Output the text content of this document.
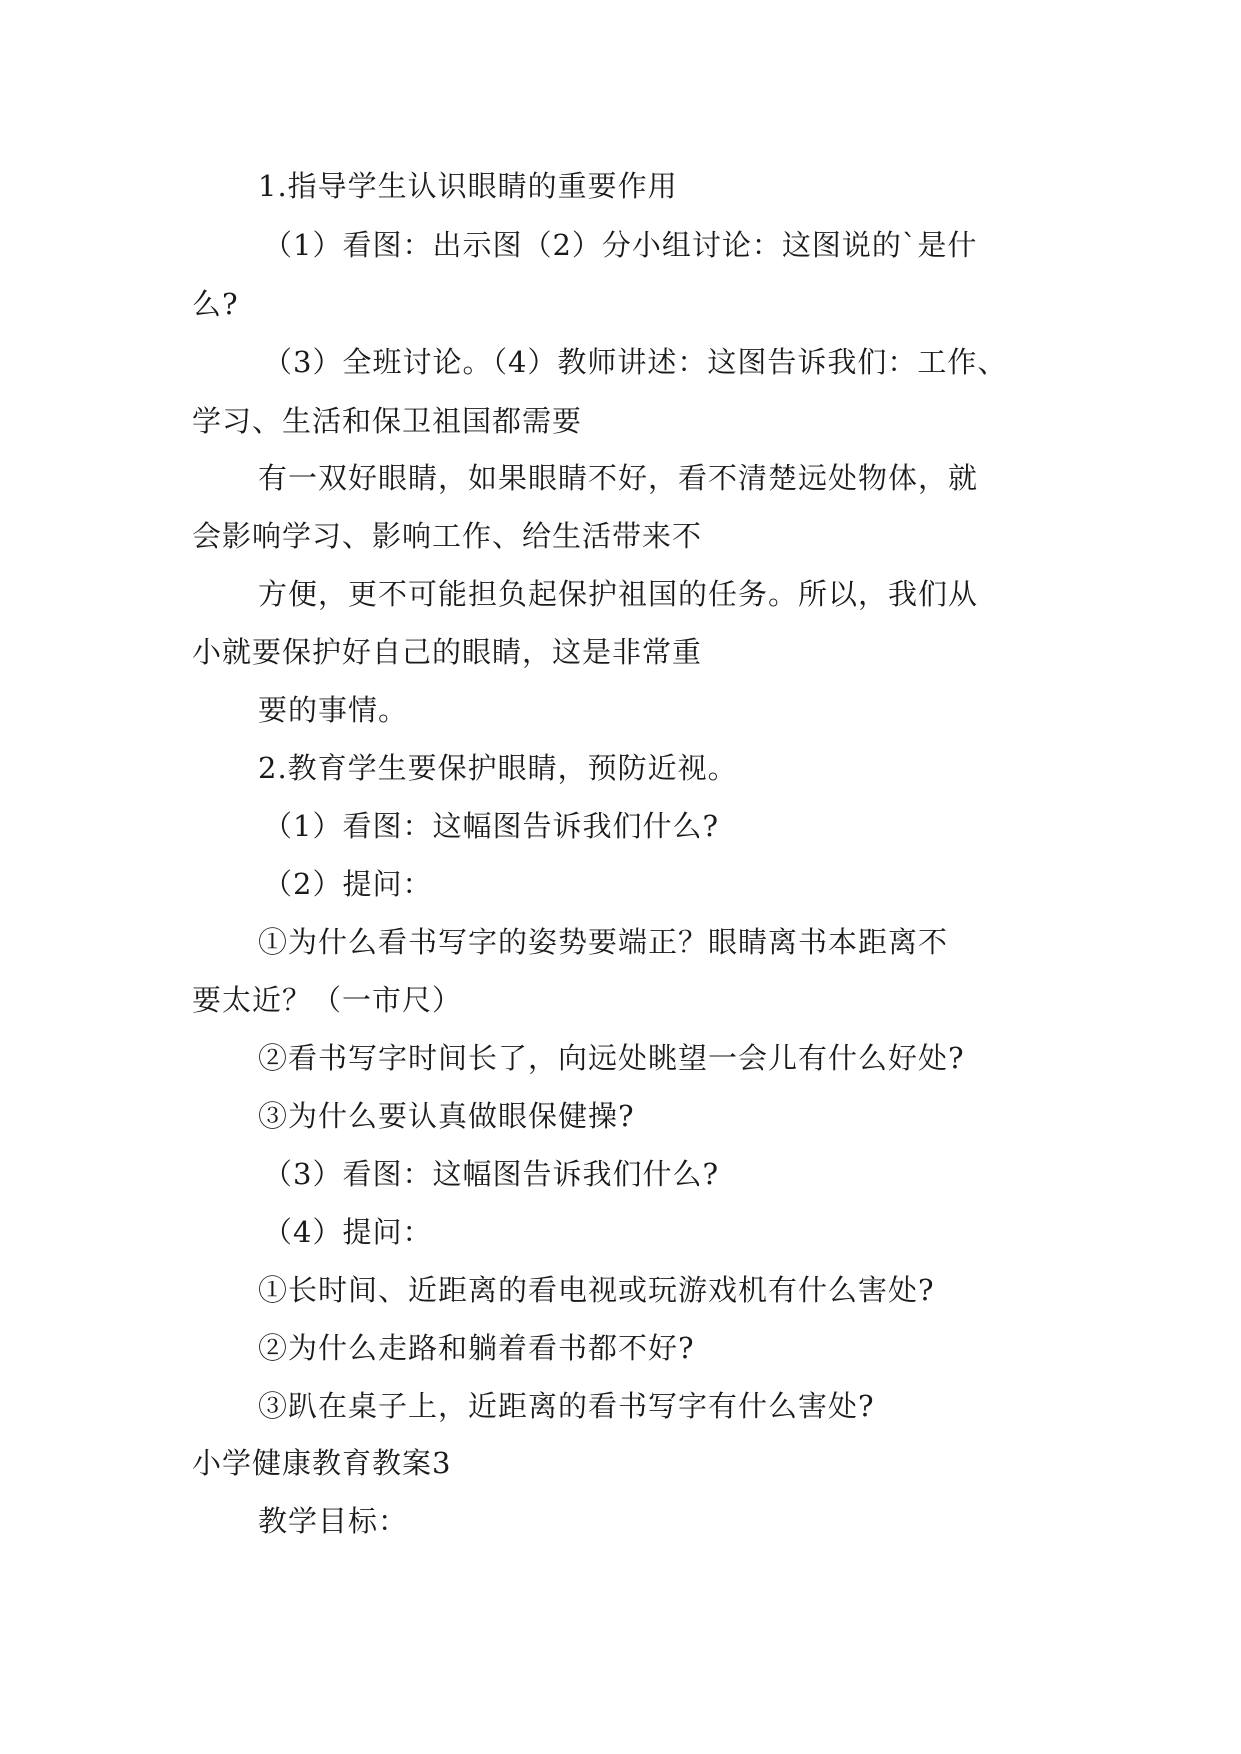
1.指导学生认识眼睛的重要作用
（1）看图：出示图（2）分小组讨论：这图说的`是什
么?
（3）全班讨论。（4）教师讲述：这图告诉我们：工作、
学习、生活和保卫祖国都需要
有一双好眼睛，如果眼睛不好，看不清楚远处物体，就
会影响学习、影响工作、给生活带来不
方便，更不可能担负起保护祖国的任务。所以，我们从
小就要保护好自己的眼睛，这是非常重
要的事情。
2.教育学生要保护眼睛，预防近视。
（1）看图：这幅图告诉我们什么?
（2）提问：
①为什么看书写字的姿势要端正？眼睛离书本距离不
要太近？（一市尺）
②看书写字时间长了，向远处眺望一会儿有什么好处?
③为什么要认真做眼保健操?
（3）看图：这幅图告诉我们什么?
（4）提问：
①长时间、近距离的看电视或玩游戏机有什么害处?
②为什么走路和躺着看书都不好?
③趴在桌子上，近距离的看书写字有什么害处?
小学健康教育教案3
教学目标：
